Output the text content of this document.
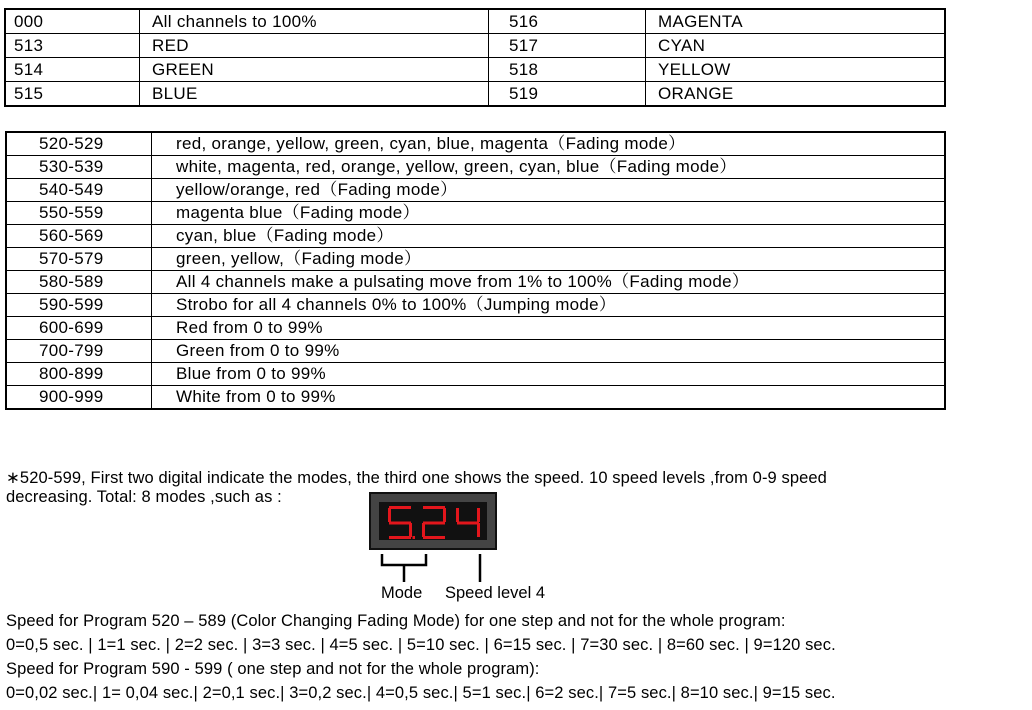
000	All channels to 100%	516	MAGENTA
513	RED	517	CYAN
514	GREEN	518	YELLOW
515	BLUE	519	ORANGE
520-529	red, orange, yellow, green, cyan, blue, magenta（Fading mode）
530-539	white, magenta, red, orange, yellow, green, cyan, blue（Fading mode）
540-549	yellow/orange, red（Fading mode）
550-559	magenta blue（Fading mode）
560-569	cyan, blue（Fading mode）
570-579	green, yellow,（Fading mode）
580-589	All 4 channels make a pulsating move from 1% to 100%（Fading mode）
590-599	Strobo for all 4 channels 0% to 100%（Jumping mode）
600-699	Red from 0 to 99%
700-799	Green from 0 to 99%
800-899	Blue from 0 to 99%
900-999	White from 0 to 99%
∗520-599, First two digital indicate the modes, the third one shows the speed. 10 speed levels ,from 0-9 speed
decreasing. Total: 8 modes ,such as :
Mode Speed level 4
Speed for Program 520 – 589 (Color Changing Fading Mode) for one step and not for the whole program:
0=0,5 sec. | 1=1 sec. | 2=2 sec. | 3=3 sec. | 4=5 sec. | 5=10 sec. | 6=15 sec. | 7=30 sec. | 8=60 sec. | 9=120 sec.
Speed for Program 590 - 599 ( one step and not for the whole program):
0=0,02 sec.| 1= 0,04 sec.| 2=0,1 sec.| 3=0,2 sec.| 4=0,5 sec.| 5=1 sec.| 6=2 sec.| 7=5 sec.| 8=10 sec.| 9=15 sec.
